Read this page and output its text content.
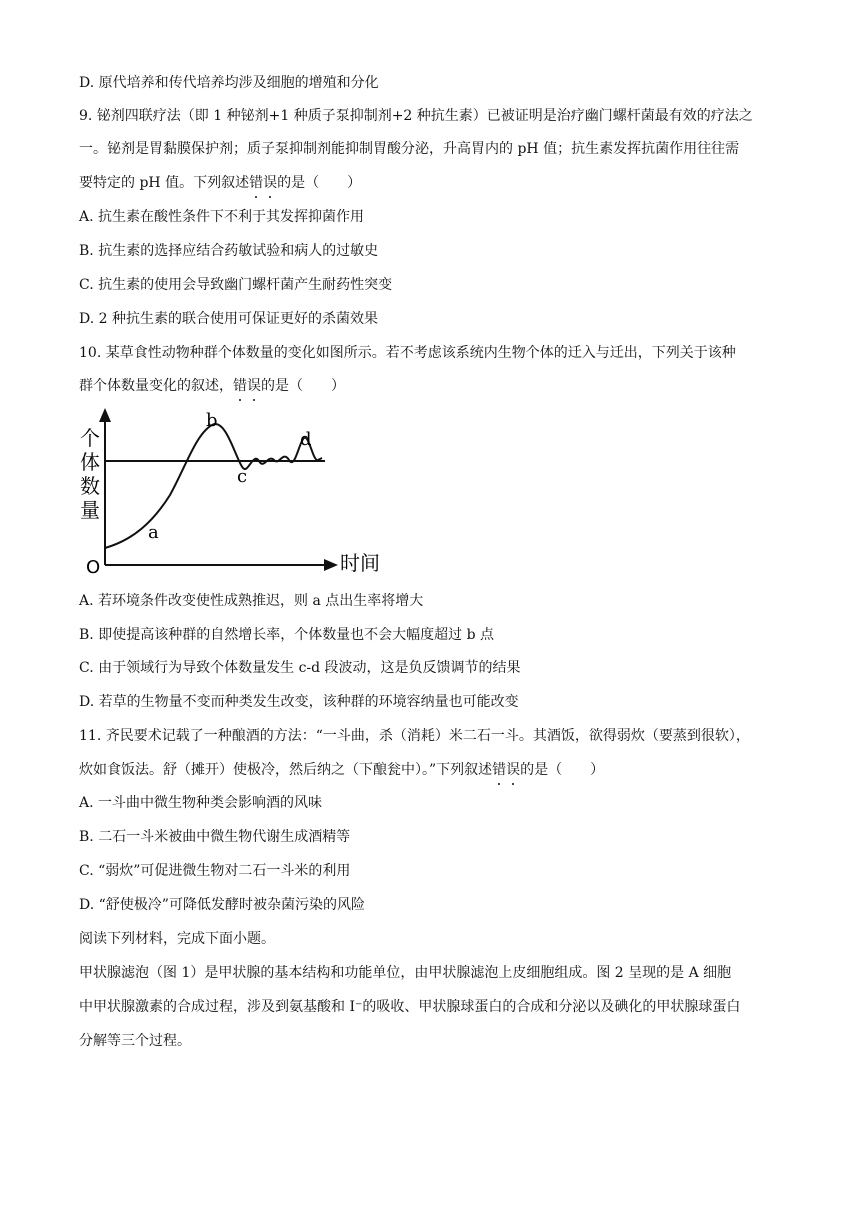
D. 原代培养和传代培养均涉及细胞的增殖和分化
9. 铋剂四联疗法（即 1 种铋剂+1 种质子泵抑制剂+2 种抗生素）已被证明是治疗幽门螺杆菌最有效的疗法之
一。铋剂是胃黏膜保护剂；质子泵抑制剂能抑制胃酸分泌，升高胃内的 pH 值；抗生素发挥抗菌作用往往需
要特定的 pH 值。下列叙述错误的是（　　）
A. 抗生素在酸性条件下不利于其发挥抑菌作用
B. 抗生素的选择应结合药敏试验和病人的过敏史
C. 抗生素的使用会导致幽门螺杆菌产生耐药性突变
D. 2 种抗生素的联合使用可保证更好的杀菌效果
10. 某草食性动物种群个体数量的变化如图所示。若不考虑该系统内生物个体的迁入与迁出，下列关于该种
群个体数量变化的叙述，错误的是（　　）
A. 若环境条件改变使性成熟推迟，则 a 点出生率将增大
B. 即使提高该种群的自然增长率，个体数量也不会大幅度超过 b 点
C. 由于领域行为导致个体数量发生 c-d 段波动，这是负反馈调节的结果
D. 若草的生物量不变而种类发生改变，该种群的环境容纳量也可能改变
11. 齐民要术记载了一种酿酒的方法：“一斗曲，杀（消耗）米二石一斗。其酒饭，欲得弱炊（要蒸到很软），
炊如食饭法。舒（摊开）使极冷，然后纳之（下酿瓮中）。”下列叙述错误的是（　　）
A. 一斗曲中微生物种类会影响酒的风味
B. 二石一斗米被曲中微生物代谢生成酒精等
C. “弱炊”可促进微生物对二石一斗米的利用
D. “舒使极冷”可降低发酵时被杂菌污染的风险
阅读下列材料，完成下面小题。
甲状腺滤泡（图 1）是甲状腺的基本结构和功能单位，由甲状腺滤泡上皮细胞组成。图 2 呈现的是 A 细胞
中甲状腺激素的合成过程，涉及到氨基酸和 I⁻的吸收、甲状腺球蛋白的合成和分泌以及碘化的甲状腺球蛋白
分解等三个过程。
个
体
数
量
时间
O
a
b
c
d
